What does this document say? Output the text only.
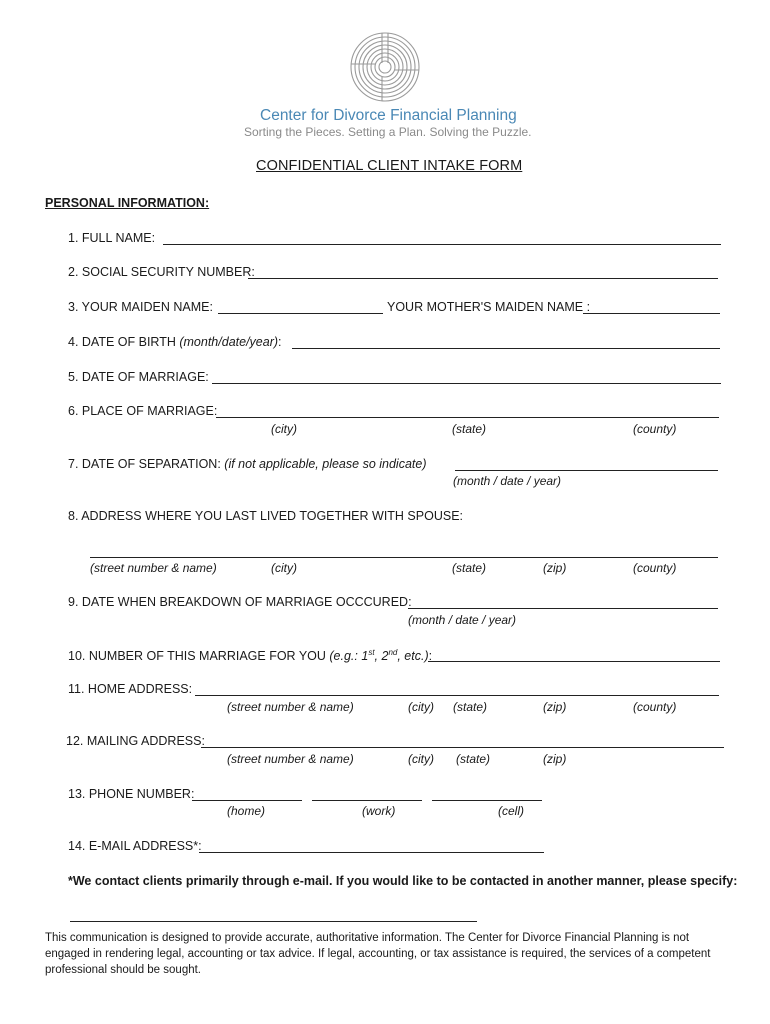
Center for Divorce Financial Planning
Sorting the Pieces. Setting a Plan. Solving the Puzzle.
CONFIDENTIAL CLIENT INTAKE FORM
PERSONAL INFORMATION:
1. FULL NAME:
2. SOCIAL SECURITY NUMBER:
3. YOUR MAIDEN NAME:	YOUR MOTHER'S MAIDEN NAME :
4. DATE OF BIRTH (month/date/year):
5. DATE OF MARRIAGE:
6. PLACE OF MARRIAGE:
(city)	(state)	(county)
7. DATE OF SEPARATION: (if not applicable, please so indicate)
(month / date / year)
8. ADDRESS WHERE YOU LAST LIVED TOGETHER WITH SPOUSE:
(street number & name)	(city)	(state)	(zip)	(county)
9. DATE WHEN BREAKDOWN OF MARRIAGE OCCCURED:
(month / date / year)
10. NUMBER OF THIS MARRIAGE FOR YOU (e.g.: 1st, 2nd, etc.):
11. HOME ADDRESS:
(street number & name)	(city) (state)	(zip)	(county)
12. MAILING ADDRESS:
(street number & name)	(city) (state)	(zip)
13. PHONE NUMBER:
(home)	(work)	(cell)
14. E-MAIL ADDRESS*:
*We contact clients primarily through e-mail. If you would like to be contacted in another manner, please specify:
This communication is designed to provide accurate, authoritative information. The Center for Divorce Financial Planning is not engaged in rendering legal, accounting or tax advice. If legal, accounting, or tax assistance is required, the services of a competent professional should be sought.
